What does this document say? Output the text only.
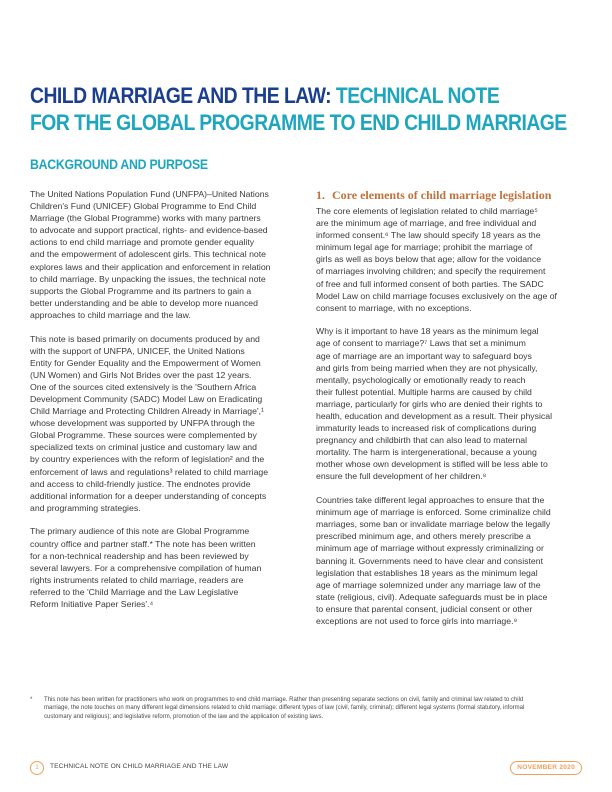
CHILD MARRIAGE AND THE LAW: TECHNICAL NOTE
FOR THE GLOBAL PROGRAMME TO END CHILD MARRIAGE
BACKGROUND AND PURPOSE

The United Nations Population Fund (UNFPA)–United Nations
Children's Fund (UNICEF) Global Programme to End Child
Marriage (the Global Programme) works with many partners
to advocate and support practical, rights- and evidence-based
actions to end child marriage and promote gender equality
and the empowerment of adolescent girls. This technical note
explores laws and their application and enforcement in relation
to child marriage. By unpacking the issues, the technical note
supports the Global Programme and its partners to gain a
better understanding and be able to develop more nuanced
approaches to child marriage and the law.

This note is based primarily on documents produced by and
with the support of UNFPA, UNICEF, the United Nations
Entity for Gender Equality and the Empowerment of Women
(UN Women) and Girls Not Brides over the past 12 years.
One of the sources cited extensively is the 'Southern Africa
Development Community (SADC) Model Law on Eradicating
Child Marriage and Protecting Children Already in Marriage',¹
whose development was supported by UNFPA through the
Global Programme. These sources were complemented by
specialized texts on criminal justice and customary law and
by country experiences with the reform of legislation² and the
enforcement of laws and regulations³ related to child marriage
and access to child-friendly justice. The endnotes provide
additional information for a deeper understanding of concepts
and programming strategies.

The primary audience of this note are Global Programme
country office and partner staff.* The note has been written
for a non-technical readership and has been reviewed by
several lawyers. For a comprehensive compilation of human
rights instruments related to child marriage, readers are
referred to the 'Child Marriage and the Law Legislative
Reform Initiative Paper Series'.⁴

1. Core elements of child marriage legislation

The core elements of legislation related to child marriage⁵
are the minimum age of marriage, and free individual and
informed consent.⁶ The law should specify 18 years as the
minimum legal age for marriage; prohibit the marriage of
girls as well as boys below that age; allow for the voidance
of marriages involving children; and specify the requirement
of free and full informed consent of both parties. The SADC
Model Law on child marriage focuses exclusively on the age of
consent to marriage, with no exceptions.

Why is it important to have 18 years as the minimum legal
age of consent to marriage?⁷ Laws that set a minimum
age of marriage are an important way to safeguard boys
and girls from being married when they are not physically,
mentally, psychologically or emotionally ready to reach
their fullest potential. Multiple harms are caused by child
marriage, particularly for girls who are denied their rights to
health, education and development as a result. Their physical
immaturity leads to increased risk of complications during
pregnancy and childbirth that can also lead to maternal
mortality. The harm is intergenerational, because a young
mother whose own development is stifled will be less able to
ensure the full development of her children.⁸

Countries take different legal approaches to ensure that the
minimum age of marriage is enforced. Some criminalize child
marriages, some ban or invalidate marriage below the legally
prescribed minimum age, and others merely prescribe a
minimum age of marriage without expressly criminalizing or
banning it. Governments need to have clear and consistent
legislation that establishes 18 years as the minimum legal
age of marriage solemnized under any marriage law of the
state (religious, civil). Adequate safeguards must be in place
to ensure that parental consent, judicial consent or other
exceptions are not used to force girls into marriage.⁹

* This note has been written for practitioners who work on programmes to end child marriage. Rather than presenting separate sections on civil, family and criminal law related to child
marriage, the note touches on many different legal dimensions related to child marriage: different types of law (civil, family, criminal); different legal systems (formal statutory, informal
customary and religious); and legislative reform, promotion of the law and the application of existing laws.
1	TECHNICAL NOTE ON CHILD MARRIAGE AND THE LAW	NOVEMBER 2020
